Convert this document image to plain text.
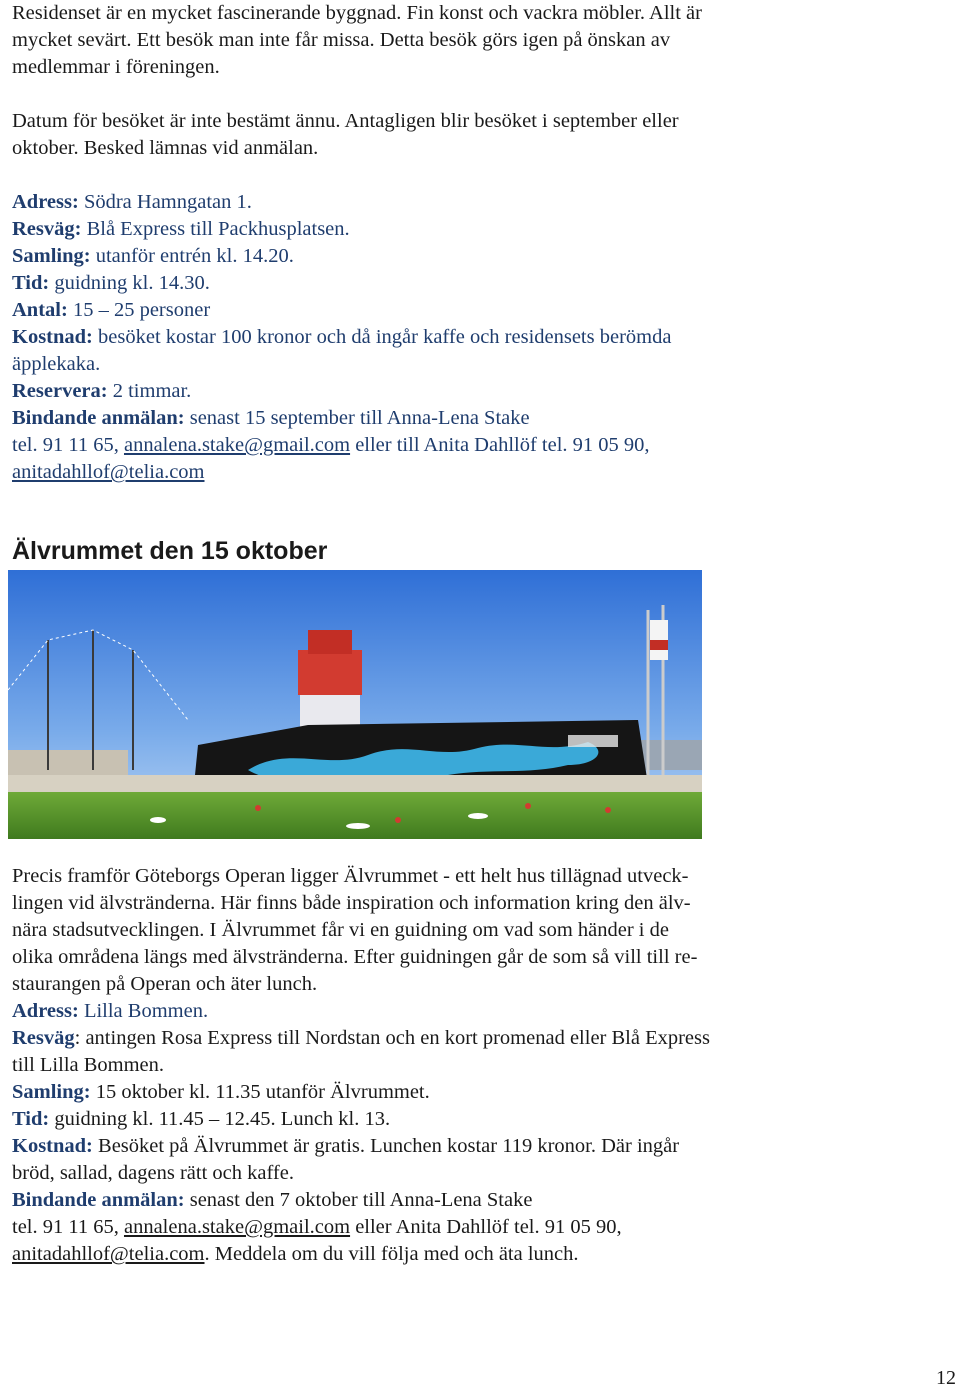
Residenset är en mycket fascinerande byggnad. Fin konst och vackra möbler. Allt är
mycket sevärt. Ett besök man inte får missa. Detta besök görs igen på önskan av
medlemmar i föreningen.

Datum för besöket är inte bestämt ännu. Antagligen blir besöket i september eller
oktober. Besked lämnas vid anmälan.

Adress: Södra Hamngatan 1.
Resväg: Blå Express till Packhusplatsen.
Samling: utanför entrén kl. 14.20.
Tid: guidning kl. 14.30.
Antal: 15 – 25 personer
Kostnad: besöket kostar 100 kronor och då ingår kaffe och residensets berömda
äpplekaka.
Reservera: 2 timmar.
Bindande anmälan: senast 15 september till Anna-Lena Stake
tel. 91 11 65, annalena.stake@gmail.com eller till Anita Dahllöf tel. 91 05 90,
anitadahllof@telia.com

Älvrummet den 15 oktober

Precis framför Göteborgs Operan ligger Älvrummet - ett helt hus tillägnad utveck-
lingen vid älvstränderna. Här finns både inspiration och information kring den älv-
nära stadsutvecklingen. I Älvrummet får vi en guidning om vad som händer i de
olika områdena längs med älvstränderna. Efter guidningen går de som så vill till re-
staurangen på Operan och äter lunch.
Adress: Lilla Bommen.
Resväg: antingen Rosa Express till Nordstan och en kort promenad eller Blå Express
till Lilla Bommen.
Samling: 15 oktober kl. 11.35 utanför Älvrummet.
Tid: guidning kl. 11.45 – 12.45. Lunch kl. 13.
Kostnad: Besöket på Älvrummet är gratis. Lunchen kostar 119 kronor. Där ingår
bröd, sallad, dagens rätt och kaffe.
Bindande anmälan: senast den 7 oktober till Anna-Lena Stake
tel. 91 11 65, annalena.stake@gmail.com eller Anita Dahllöf tel. 91 05 90,
anitadahllof@telia.com. Meddela om du vill följa med och äta lunch.

12
